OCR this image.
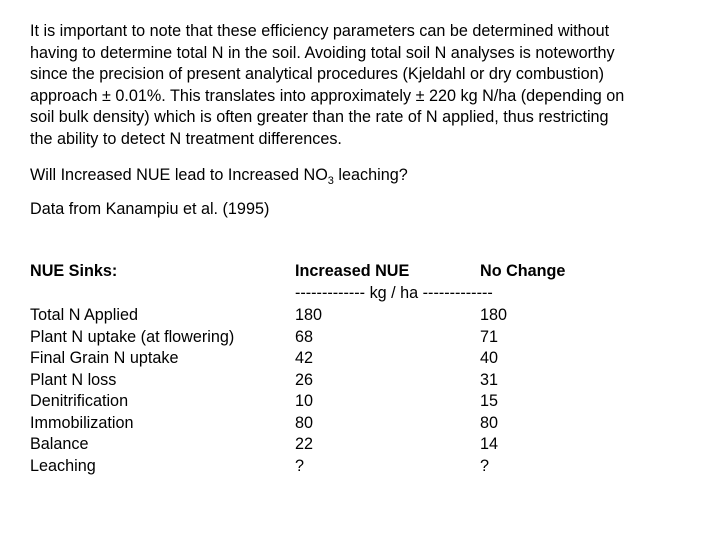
It is important to note that these efficiency parameters can be determined without
having to determine total N in the soil. Avoiding total soil N analyses is noteworthy
since the precision of present analytical procedures (Kjeldahl or dry combustion)
approach ± 0.01%. This translates into approximately ± 220 kg N/ha (depending on
soil bulk density) which is often greater than the rate of N applied, thus restricting
the ability to detect N treatment differences.
Will Increased NUE lead to Increased $NO_3$ leaching?
Data from Kanampiu et al. (1995)
NUE Sinks:	Increased NUE	No Change
------------- kg / ha -------------
Total N Applied	180	180
Plant N uptake (at flowering)	68	71
Final Grain N uptake	42	40
Plant N loss	26	31
Denitrification	10	15
Immobilization	80	80
Balance	22	14
Leaching	?	?
